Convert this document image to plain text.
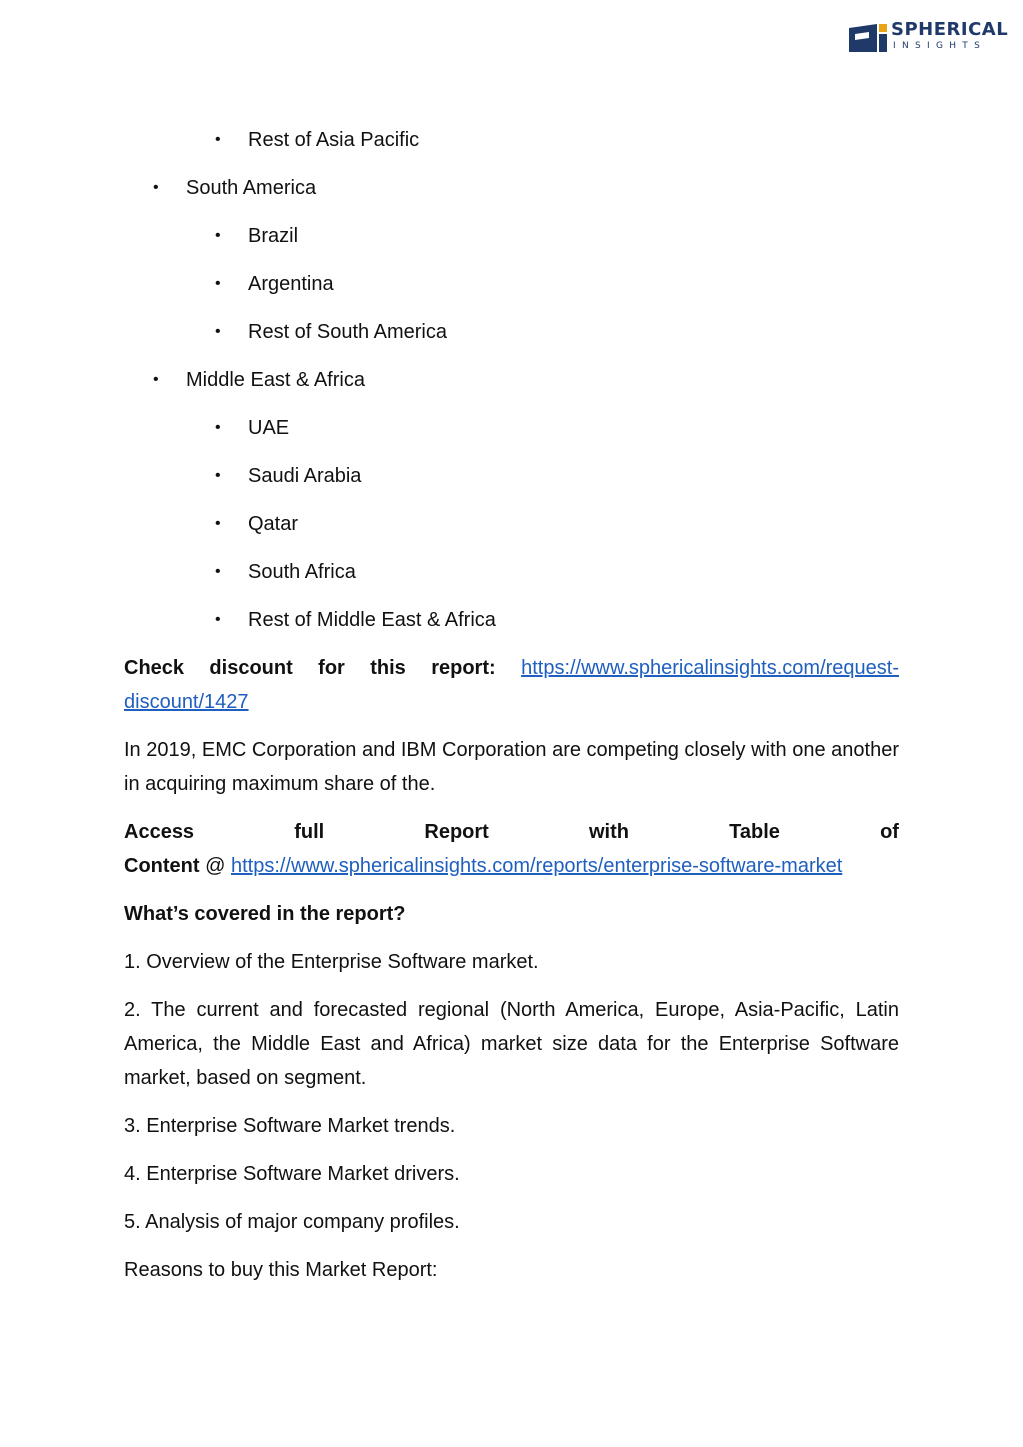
SPHERICAL
INSIGHTS
• Rest of Asia Pacific
• South America
• Brazil
• Argentina
• Rest of South America
• Middle East & Africa
• UAE
• Saudi Arabia
• Qatar
• South Africa
• Rest of Middle East & Africa

Check discount for this report: https://www.sphericalinsights.com/request-discount/1427

In 2019, EMC Corporation and IBM Corporation are competing closely with one another in acquiring maximum share of the.

Access	full	Report	with	Table	of
Content @ https://www.sphericalinsights.com/reports/enterprise-software-market

What’s covered in the report?

1. Overview of the Enterprise Software market.

2. The current and forecasted regional (North America, Europe, Asia-Pacific, Latin America, the Middle East and Africa) market size data for the Enterprise Software market, based on segment.

3. Enterprise Software Market trends.

4. Enterprise Software Market drivers.

5. Analysis of major company profiles.

Reasons to buy this Market Report:
